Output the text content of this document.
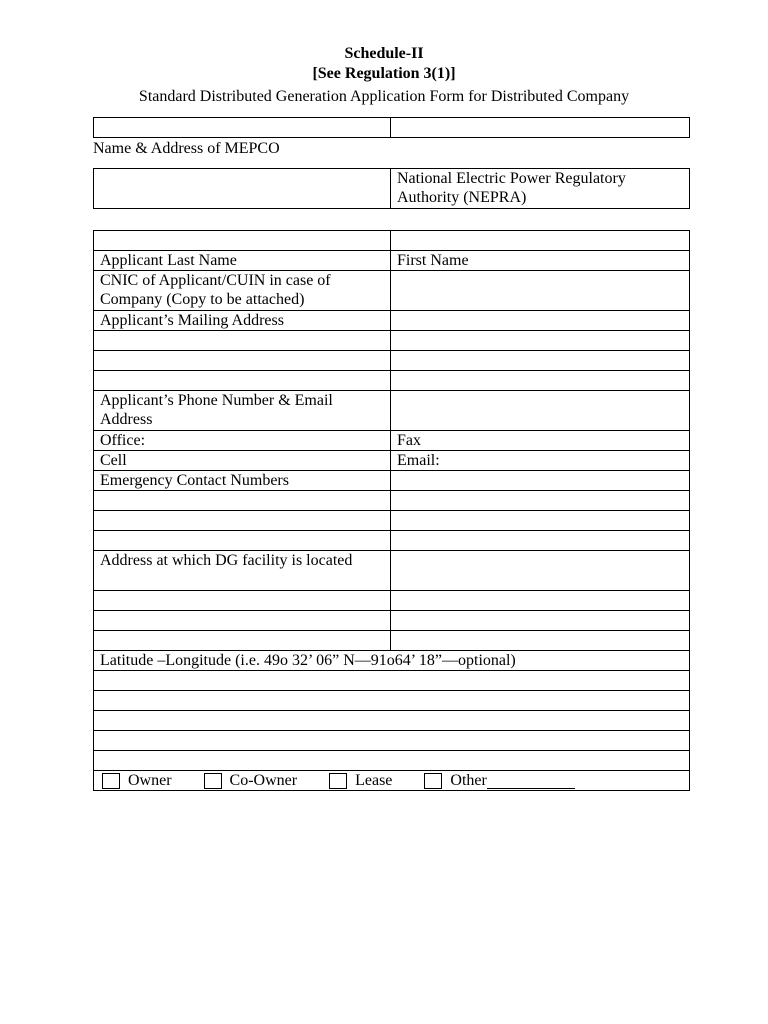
Schedule-II
[See Regulation 3(1)]
Standard Distributed Generation Application Form for Distributed Company

Name & Address of MEPCO
	National Electric Power Regulatory Authority (NEPRA)

Applicant Last Name	First Name
CNIC of Applicant/CUIN in case of Company (Copy to be attached)	
Applicant’s Mailing Address	

Applicant’s Phone Number & Email Address	
Office:	Fax
Cell	Email:
Emergency Contact Numbers	

Address at which DG facility is located	

Latitude –Longitude (i.e. 49o 32’ 06” N—91o64’ 18”—optional)	

Owner Co-Owner Lease Other	
